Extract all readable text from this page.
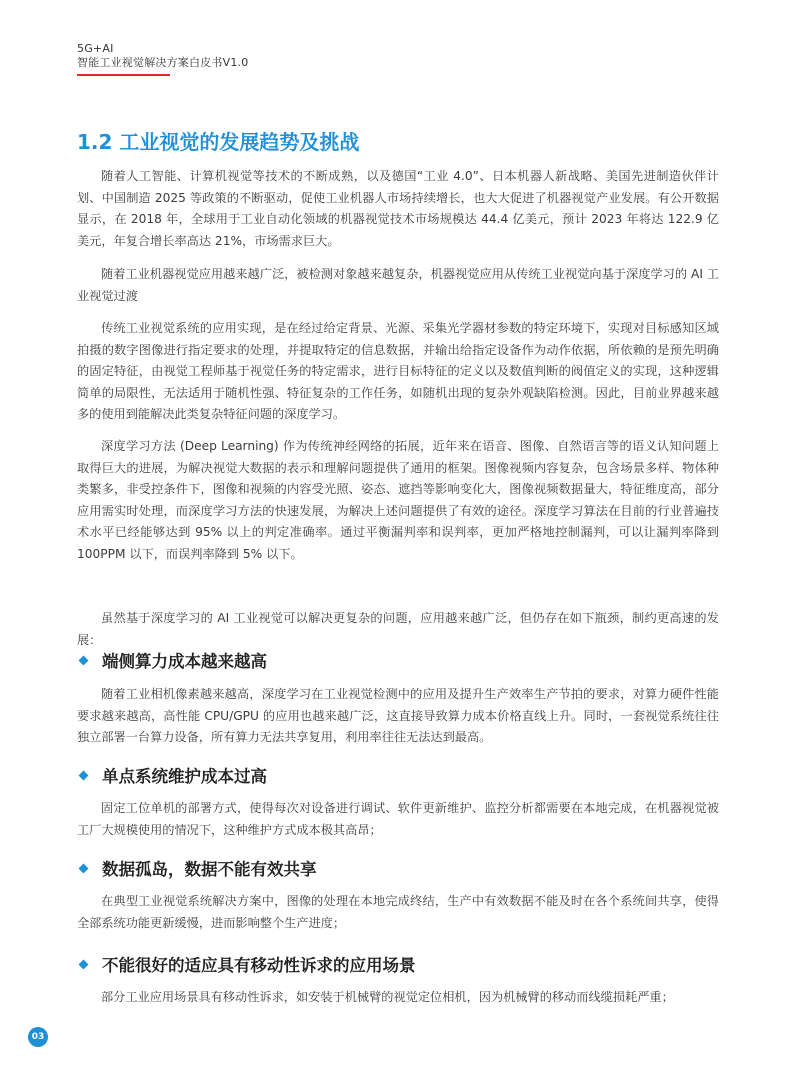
5G+AI
智能工业视觉解决方案白皮书V1.0
1.2 工业视觉的发展趋势及挑战

随着人工智能、计算机视觉等技术的不断成熟，以及德国“工业 4.0”、日本机器人新战略、美国先进制造伙伴计划、中国制造 2025 等政策的不断驱动，促使工业机器人市场持续增长，也大大促进了机器视觉产业发展。有公开数据显示，在 2018 年，全球用于工业自动化领域的机器视觉技术市场规模达 44.4 亿美元，预计 2023 年将达 122.9 亿美元，年复合增长率高达 21%，市场需求巨大。

随着工业机器视觉应用越来越广泛，被检测对象越来越复杂，机器视觉应用从传统工业视觉向基于深度学习的 AI 工业视觉过渡

传统工业视觉系统的应用实现，是在经过给定背景、光源、采集光学器材参数的特定环境下，实现对目标感知区域拍摄的数字图像进行指定要求的处理，并提取特定的信息数据，并输出给指定设备作为动作依据，所依赖的是预先明确的固定特征，由视觉工程师基于视觉任务的特定需求，进行目标特征的定义以及数值判断的阀值定义的实现，这种逻辑简单的局限性，无法适用于随机性强、特征复杂的工作任务，如随机出现的复杂外观缺陷检测。因此，目前业界越来越多的使用到能解决此类复杂特征问题的深度学习。

深度学习方法 (Deep Learning) 作为传统神经网络的拓展，近年来在语音、图像、自然语言等的语义认知问题上取得巨大的进展，为解决视觉大数据的表示和理解问题提供了通用的框架。图像视频内容复杂，包含场景多样、物体种类繁多，非受控条件下，图像和视频的内容受光照、姿态、遮挡等影响变化大，图像视频数据量大，特征维度高，部分应用需实时处理，而深度学习方法的快速发展，为解决上述问题提供了有效的途径。深度学习算法在目前的行业普遍技术水平已经能够达到 95% 以上的判定准确率。通过平衡漏判率和误判率，更加严格地控制漏判，可以让漏判率降到 100PPM 以下，而误判率降到 5% 以下。

虽然基于深度学习的 AI 工业视觉可以解决更复杂的问题，应用越来越广泛，但仍存在如下瓶颈，制约更高速的发展：

端侧算力成本越来越高

随着工业相机像素越来越高，深度学习在工业视觉检测中的应用及提升生产效率生产节拍的要求，对算力硬件性能要求越来越高，高性能 CPU/GPU 的应用也越来越广泛，这直接导致算力成本价格直线上升。同时，一套视觉系统往往独立部署一台算力设备，所有算力无法共享复用，利用率往往无法达到最高。

单点系统维护成本过高

固定工位单机的部署方式，使得每次对设备进行调试、软件更新维护、监控分析都需要在本地完成，在机器视觉被工厂大规模使用的情况下，这种维护方式成本极其高昂；

数据孤岛，数据不能有效共享

在典型工业视觉系统解决方案中，图像的处理在本地完成终结，生产中有效数据不能及时在各个系统间共享，使得全部系统功能更新缓慢，进而影响整个生产进度；

不能很好的适应具有移动性诉求的应用场景

部分工业应用场景具有移动性诉求，如安装于机械臂的视觉定位相机，因为机械臂的移动而线缆损耗严重；

03
